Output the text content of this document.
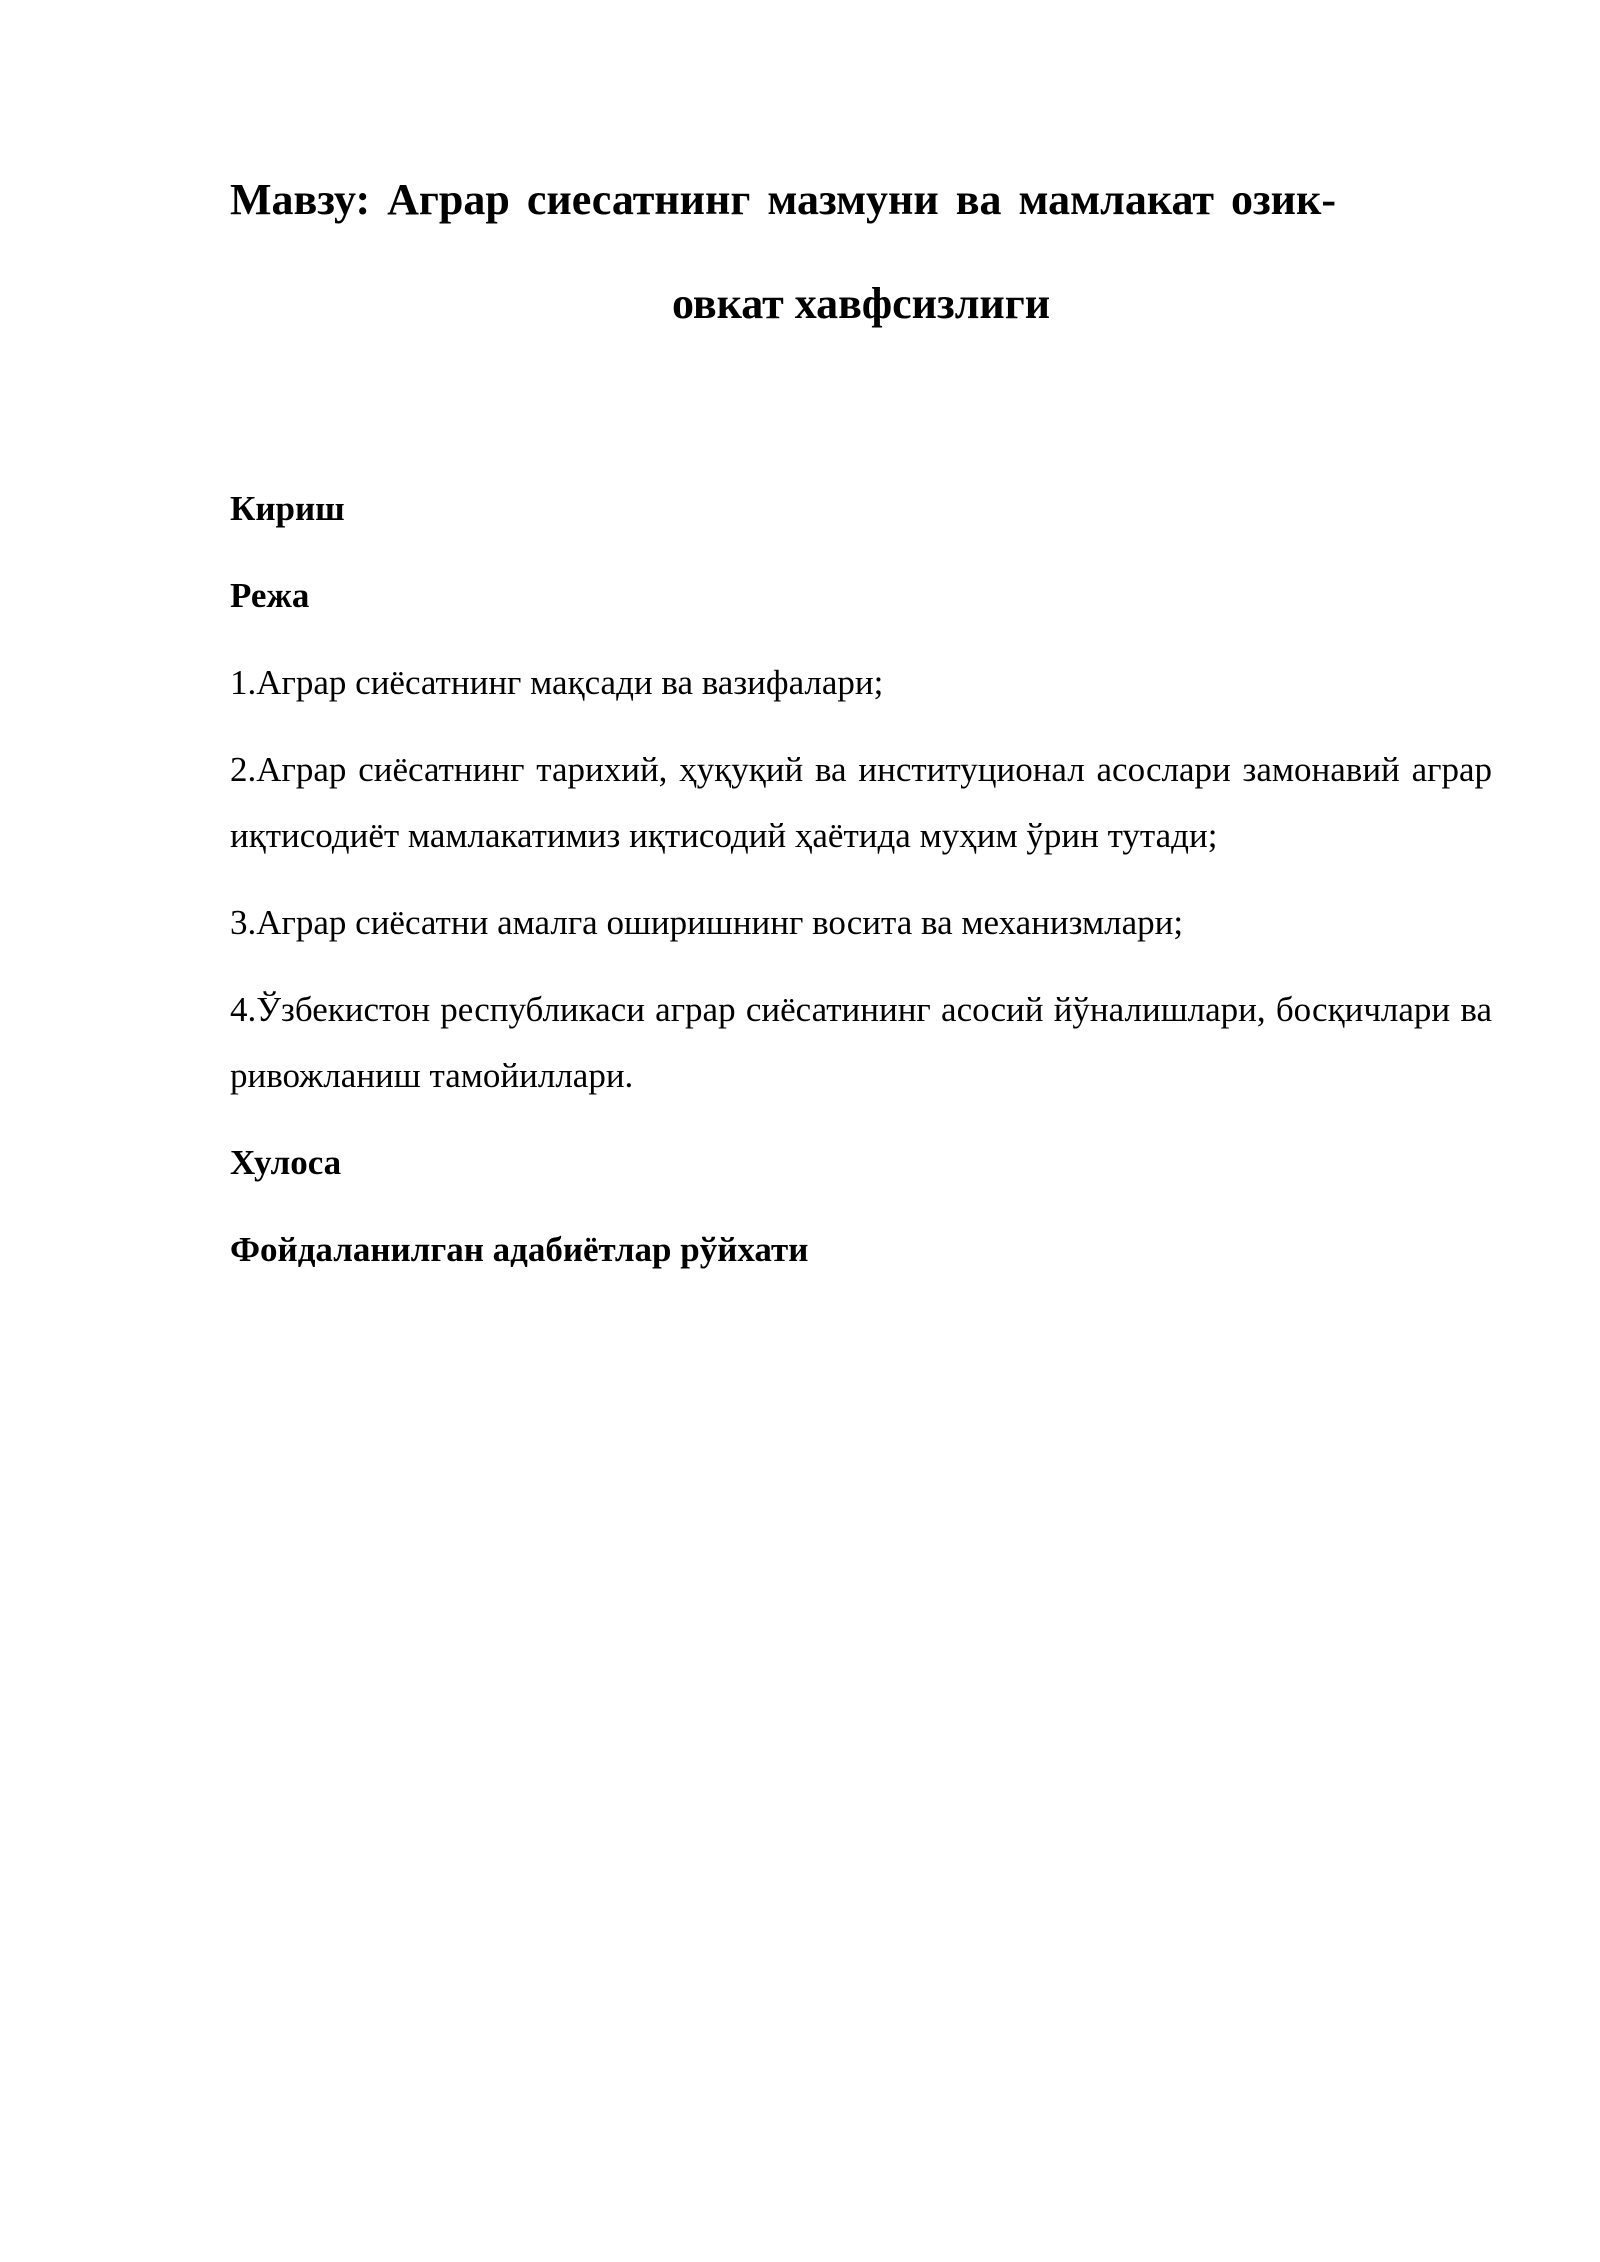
Мавзу: Аграр сиесатнинг мазмуни ва мамлакат озик-
овкат хавфсизлиги

Кириш

Режа

1.Аграр сиёсатнинг мақсади ва вазифалари;

2.Аграр сиёсатнинг тарихий, ҳуқуқий ва институционал асослари замонавий аграр иқтисодиёт мамлакатимиз иқтисодий ҳаётида муҳим ўрин тутади;

3.Аграр сиёсатни амалга оширишнинг восита ва механизмлари;

4.Ўзбекистон республикаси аграр сиёсатининг асосий йўналишлари, босқичлари ва ривожланиш тамойиллари.

Хулоса

Фойдаланилган адабиётлар рўйхати
